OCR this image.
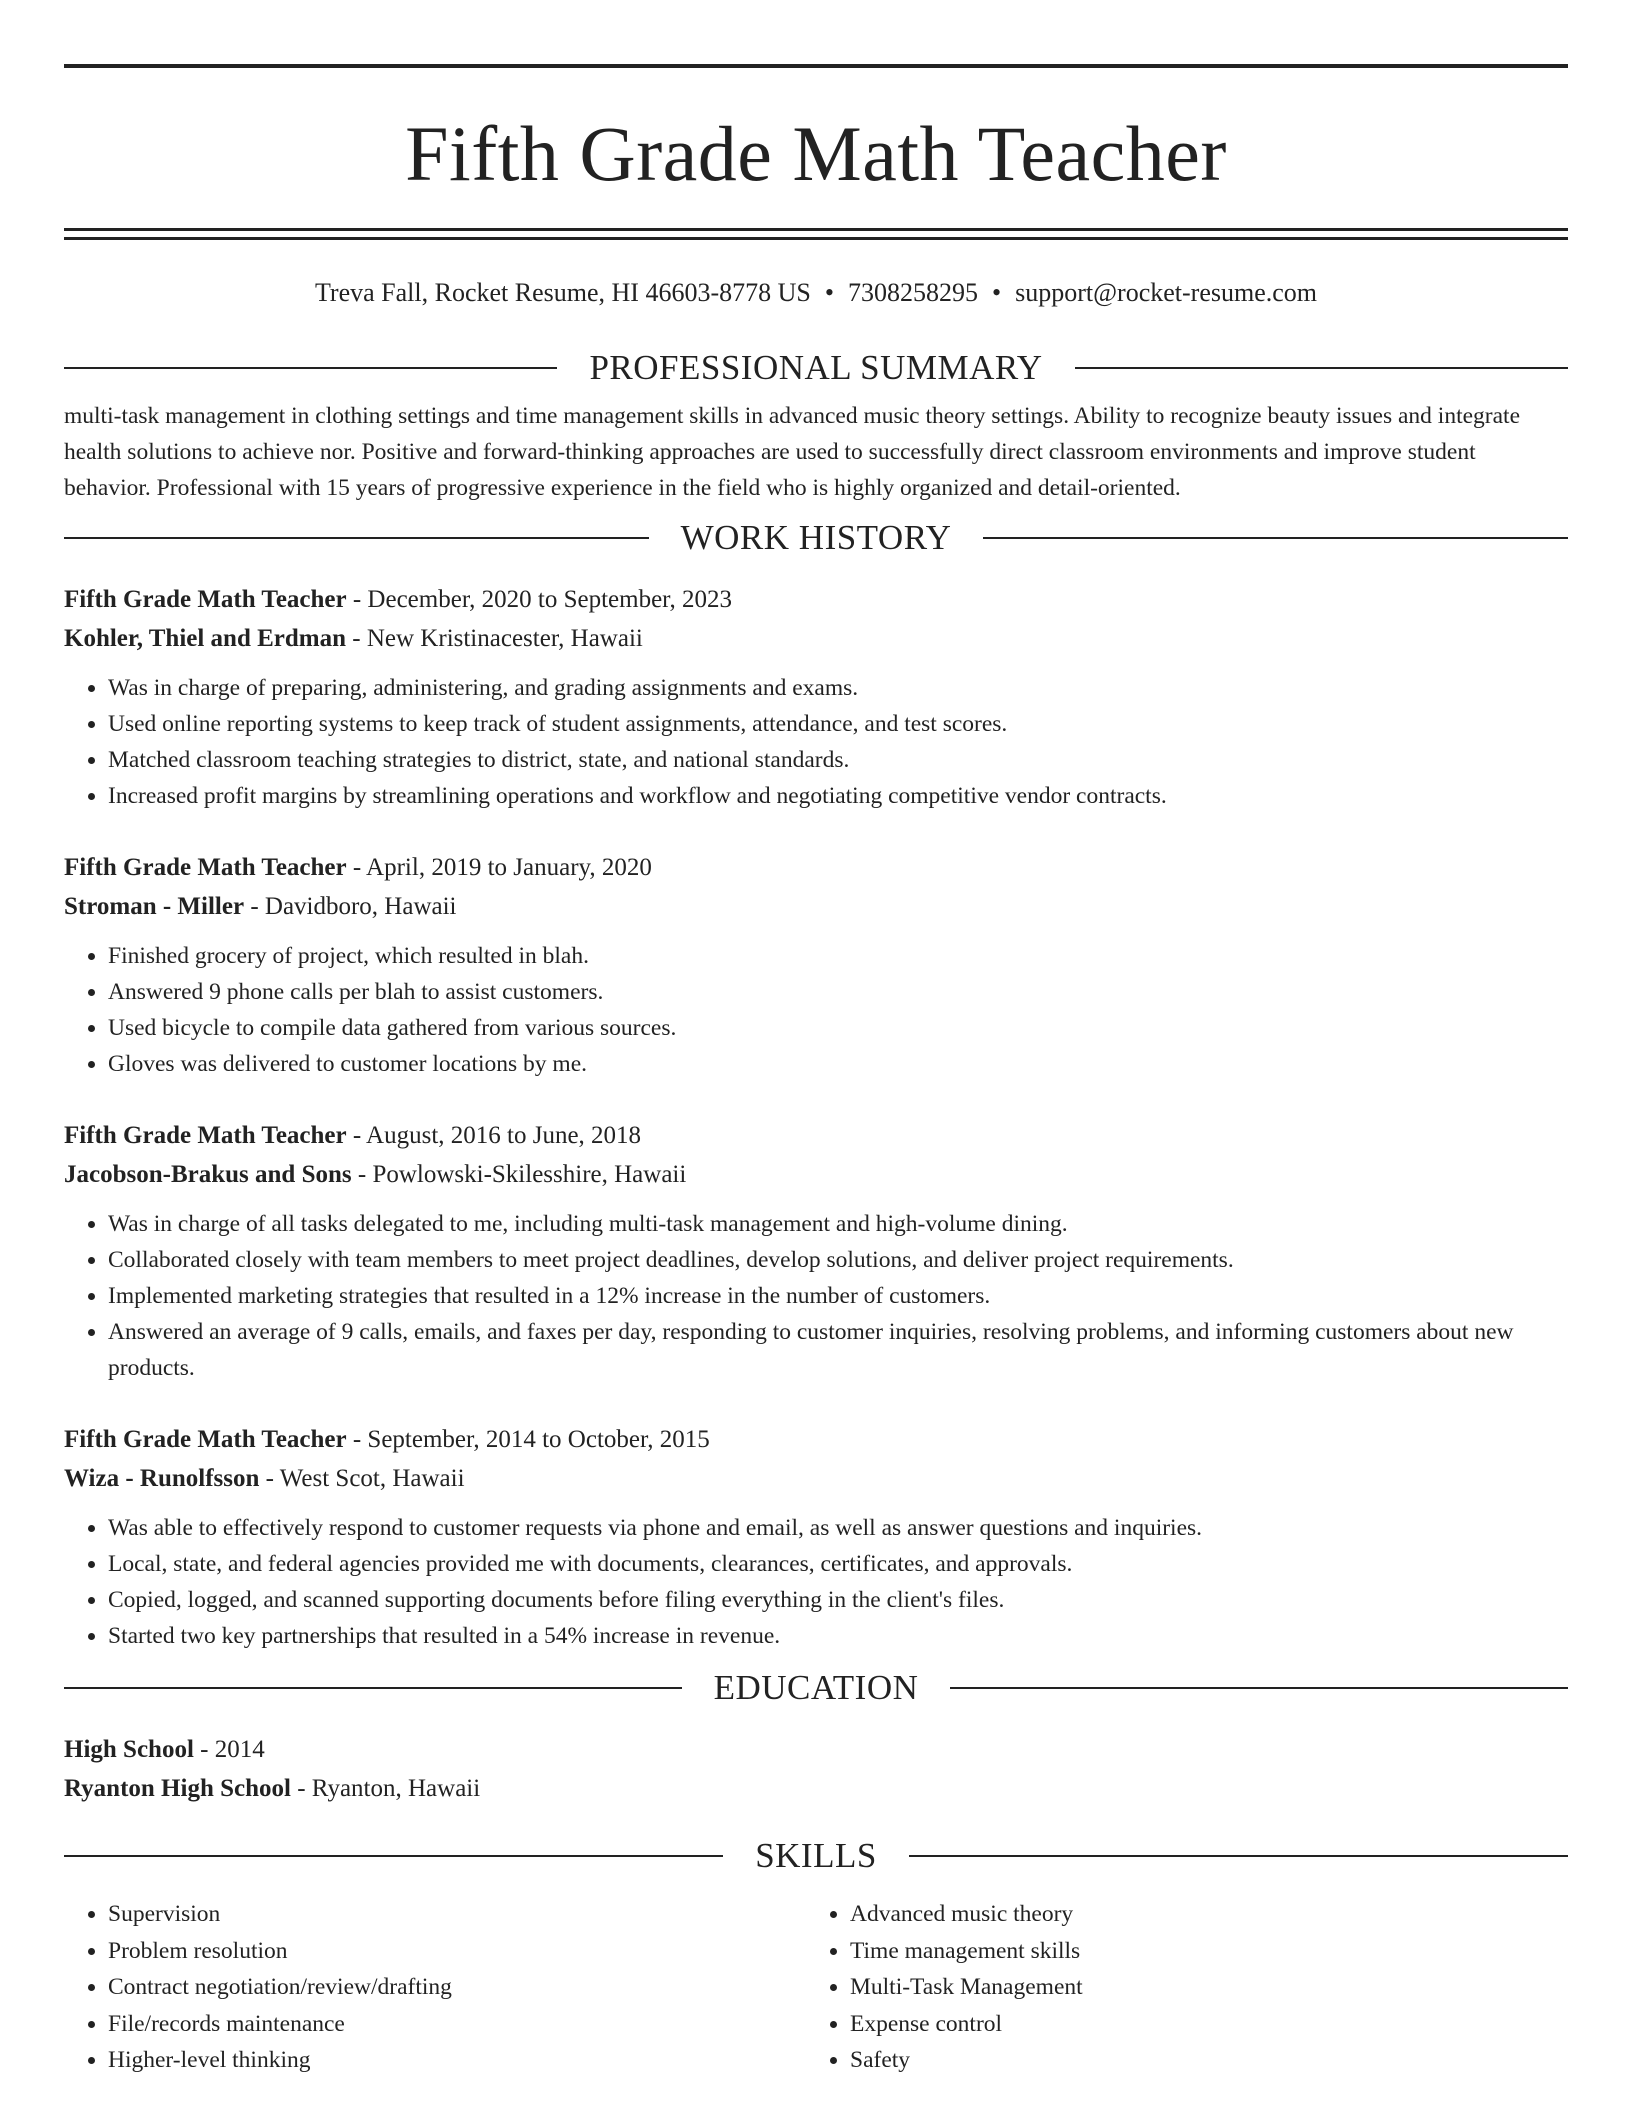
Fifth Grade Math Teacher
Treva Fall, Rocket Resume, HI 46603-8778 US • 7308258295 • support@rocket-resume.com
PROFESSIONAL SUMMARY

multi-task management in clothing settings and time management skills in advanced music theory settings. Ability to recognize beauty issues and integrate health solutions to achieve nor. Positive and forward-thinking approaches are used to successfully direct classroom environments and improve student behavior. Professional with 15 years of progressive experience in the field who is highly organized and detail-oriented.

WORK HISTORY
Fifth Grade Math Teacher - December, 2020 to September, 2023
Kohler, Thiel and Erdman - New Kristinacester, Hawaii
• Was in charge of preparing, administering, and grading assignments and exams.
• Used online reporting systems to keep track of student assignments, attendance, and test scores.
• Matched classroom teaching strategies to district, state, and national standards.
• Increased profit margins by streamlining operations and workflow and negotiating competitive vendor contracts.
Fifth Grade Math Teacher - April, 2019 to January, 2020
Stroman - Miller - Davidboro, Hawaii
• Finished grocery of project, which resulted in blah.
• Answered 9 phone calls per blah to assist customers.
• Used bicycle to compile data gathered from various sources.
• Gloves was delivered to customer locations by me.
Fifth Grade Math Teacher - August, 2016 to June, 2018
Jacobson-Brakus and Sons - Powlowski-Skilesshire, Hawaii
• Was in charge of all tasks delegated to me, including multi-task management and high-volume dining.
• Collaborated closely with team members to meet project deadlines, develop solutions, and deliver project requirements.
• Implemented marketing strategies that resulted in a 12% increase in the number of customers.
• Answered an average of 9 calls, emails, and faxes per day, responding to customer inquiries, resolving problems, and informing customers about new products.
Fifth Grade Math Teacher - September, 2014 to October, 2015
Wiza - Runolfsson - West Scot, Hawaii
• Was able to effectively respond to customer requests via phone and email, as well as answer questions and inquiries.
• Local, state, and federal agencies provided me with documents, clearances, certificates, and approvals.
• Copied, logged, and scanned supporting documents before filing everything in the client's files.
• Started two key partnerships that resulted in a 54% increase in revenue.
EDUCATION
High School - 2014
Ryanton High School - Ryanton, Hawaii
SKILLS
• Supervision
• Problem resolution
• Contract negotiation/review/drafting
• File/records maintenance
• Higher-level thinking
• Advanced music theory
• Time management skills
• Multi-Task Management
• Expense control
• Safety
